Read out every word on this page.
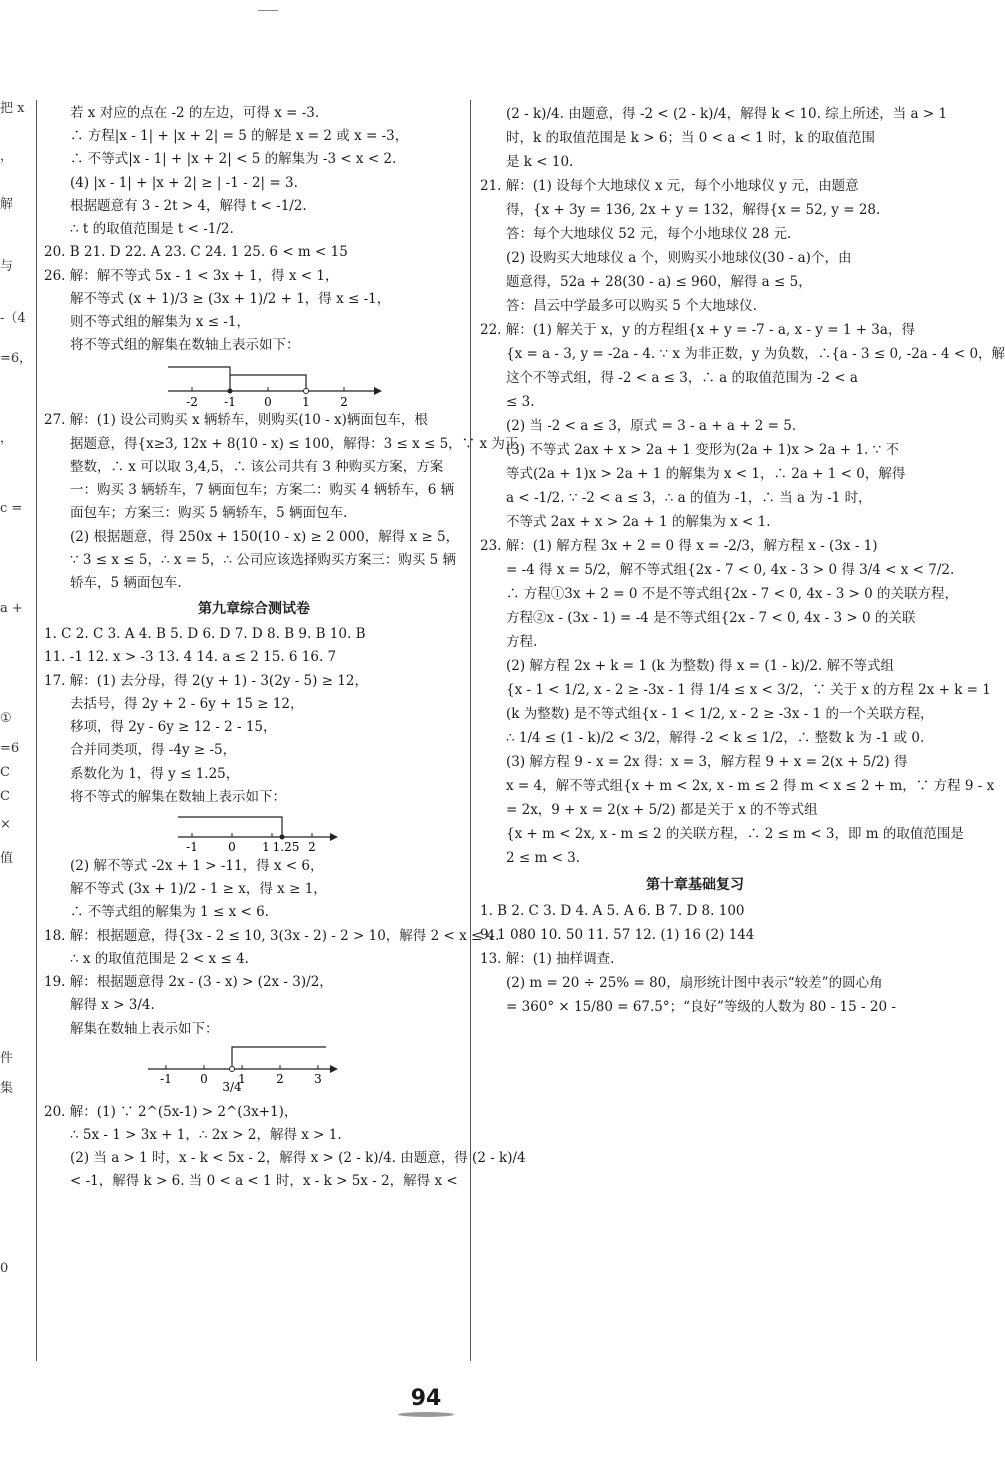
把 x
，
解
与
-（4
=6，
，
c =
a +
①
=6
C
C
×
值
件
集
0

若 x 对应的点在 -2 的左边，可得 x = -3.

∴ 方程|x - 1| + |x + 2| = 5 的解是 x = 2 或 x = -3，

∴ 不等式|x - 1| + |x + 2| < 5 的解集为 -3 < x < 2.

(4) |x - 1| + |x + 2| ≥ | -1 - 2| = 3.

根据题意有 3 - 2t > 4，解得 t < -1/2.

∴ t 的取值范围是 t < -1/2.

20. B 21. D 22. A 23. C 24. 1 25. 6 < m < 15

26. 解：解不等式 5x - 1 < 3x + 1，得 x < 1，

解不等式 (x + 1)/3 ≥ (3x + 1)/2 + 1，得 x ≤ -1，

则不等式组的解集为 x ≤ -1，

将不等式组的解集在数轴上表示如下：

-2 -1 0	1	2

27. 解：(1) 设公司购买 x 辆轿车，则购买(10 - x)辆面包车，根

据题意，得{x≥3, 12x + 8(10 - x) ≤ 100，解得：3 ≤ x ≤ 5，∵ x 为正

整数，∴ x 可以取 3,4,5，∴ 该公司共有 3 种购买方案，方案

一：购买 3 辆轿车，7 辆面包车；方案二：购买 4 辆轿车，6 辆

面包车；方案三：购买 5 辆轿车，5 辆面包车.

(2) 根据题意，得 250x + 150(10 - x) ≥ 2 000，解得 x ≥ 5，

∵ 3 ≤ x ≤ 5，∴ x = 5，∴ 公司应该选择购买方案三：购买 5 辆

轿车，5 辆面包车.

第九章综合测试卷

1. C 2. C 3. A 4. B 5. D 6. D 7. D 8. B 9. B 10. B

11. -1 12. x > -3 13. 4 14. a ≤ 2 15. 6 16. 7

17. 解：(1) 去分母，得 2(y + 1) - 3(2y - 5) ≥ 12，

去括号，得 2y + 2 - 6y + 15 ≥ 12，

移项，得 2y - 6y ≥ 12 - 2 - 15，

合并同类项，得 -4y ≥ -5，

系数化为 1，得 y ≤ 1.25，

将不等式的解集在数轴上表示如下：

-1	0 1 1.25 2

(2) 解不等式 -2x + 1 > -11，得 x < 6，

解不等式 (3x + 1)/2 - 1 ≥ x，得 x ≥ 1，

∴ 不等式组的解集为 1 ≤ x < 6.

18. 解：根据题意，得{3x - 2 ≤ 10, 3(3x - 2) - 2 > 10，解得 2 < x ≤ 4.

∴ x 的取值范围是 2 < x ≤ 4.

19. 解：根据题意得 2x - (3 - x) > (2x - 3)/2，

解得 x > 3/4.

解集在数轴上表示如下：

-1 0
3/4
1	2	3

20. 解：(1) ∵ 2^(5x-1) > 2^(3x+1)，

∴ 5x - 1 > 3x + 1，∴ 2x > 2，解得 x > 1.

(2) 当 a > 1 时，x - k < 5x - 2，解得 x > (2 - k)/4. 由题意，得 (2 - k)/4

< -1，解得 k > 6. 当 0 < a < 1 时，x - k > 5x - 2，解得 x <

(2 - k)/4. 由题意，得 -2 < (2 - k)/4，解得 k < 10. 综上所述，当 a > 1

时，k 的取值范围是 k > 6；当 0 < a < 1 时，k 的取值范围

是 k < 10.

21. 解：(1) 设每个大地球仪 x 元，每个小地球仪 y 元，由题意

得，{x + 3y = 136, 2x + y = 132，解得{x = 52, y = 28.

答：每个大地球仪 52 元，每个小地球仪 28 元.

(2) 设购买大地球仪 a 个，则购买小地球仪(30 - a)个，由

题意得，52a + 28(30 - a) ≤ 960，解得 a ≤ 5，

答：昌云中学最多可以购买 5 个大地球仪.

22. 解：(1) 解关于 x，y 的方程组{x + y = -7 - a, x - y = 1 + 3a，得

{x = a - 3, y = -2a - 4. ∵ x 为非正数，y 为负数，∴{a - 3 ≤ 0, -2a - 4 < 0，解

这个不等式组，得 -2 < a ≤ 3，∴ a 的取值范围为 -2 < a

≤ 3.

(2) 当 -2 < a ≤ 3，原式 = 3 - a + a + 2 = 5.

(3) 不等式 2ax + x > 2a + 1 变形为(2a + 1)x > 2a + 1. ∵ 不

等式(2a + 1)x > 2a + 1 的解集为 x < 1，∴ 2a + 1 < 0，解得

a < -1/2. ∵ -2 < a ≤ 3，∴ a 的值为 -1，∴ 当 a 为 -1 时，

不等式 2ax + x > 2a + 1 的解集为 x < 1.

23. 解：(1) 解方程 3x + 2 = 0 得 x = -2/3，解方程 x - (3x - 1)

= -4 得 x = 5/2，解不等式组{2x - 7 < 0, 4x - 3 > 0 得 3/4 < x < 7/2.

∴ 方程①3x + 2 = 0 不是不等式组{2x - 7 < 0, 4x - 3 > 0 的关联方程，

方程②x - (3x - 1) = -4 是不等式组{2x - 7 < 0, 4x - 3 > 0 的关联

方程.

(2) 解方程 2x + k = 1 (k 为整数) 得 x = (1 - k)/2. 解不等式组

{x - 1 < 1/2, x - 2 ≥ -3x - 1 得 1/4 ≤ x < 3/2，∵ 关于 x 的方程 2x + k = 1

(k 为整数) 是不等式组{x - 1 < 1/2, x - 2 ≥ -3x - 1 的一个关联方程，

∴ 1/4 ≤ (1 - k)/2 < 3/2，解得 -2 < k ≤ 1/2，∴ 整数 k 为 -1 或 0.

(3) 解方程 9 - x = 2x 得：x = 3，解方程 9 + x = 2(x + 5/2) 得

x = 4，解不等式组{x + m < 2x, x - m ≤ 2 得 m < x ≤ 2 + m，∵ 方程 9 - x

= 2x，9 + x = 2(x + 5/2) 都是关于 x 的不等式组

{x + m < 2x, x - m ≤ 2 的关联方程，∴ 2 ≤ m < 3，即 m 的取值范围是

2 ≤ m < 3.

第十章基础复习

1. B 2. C 3. D 4. A 5. A 6. B 7. D 8. 100

9. 1 080 10. 50 11. 57 12. (1) 16 (2) 144

13. 解：(1) 抽样调查.

(2) m = 20 ÷ 25% = 80，扇形统计图中表示“较差”的圆心角

= 360° × 15/80 = 67.5°；“良好”等级的人数为 80 - 15 - 20 -

94
